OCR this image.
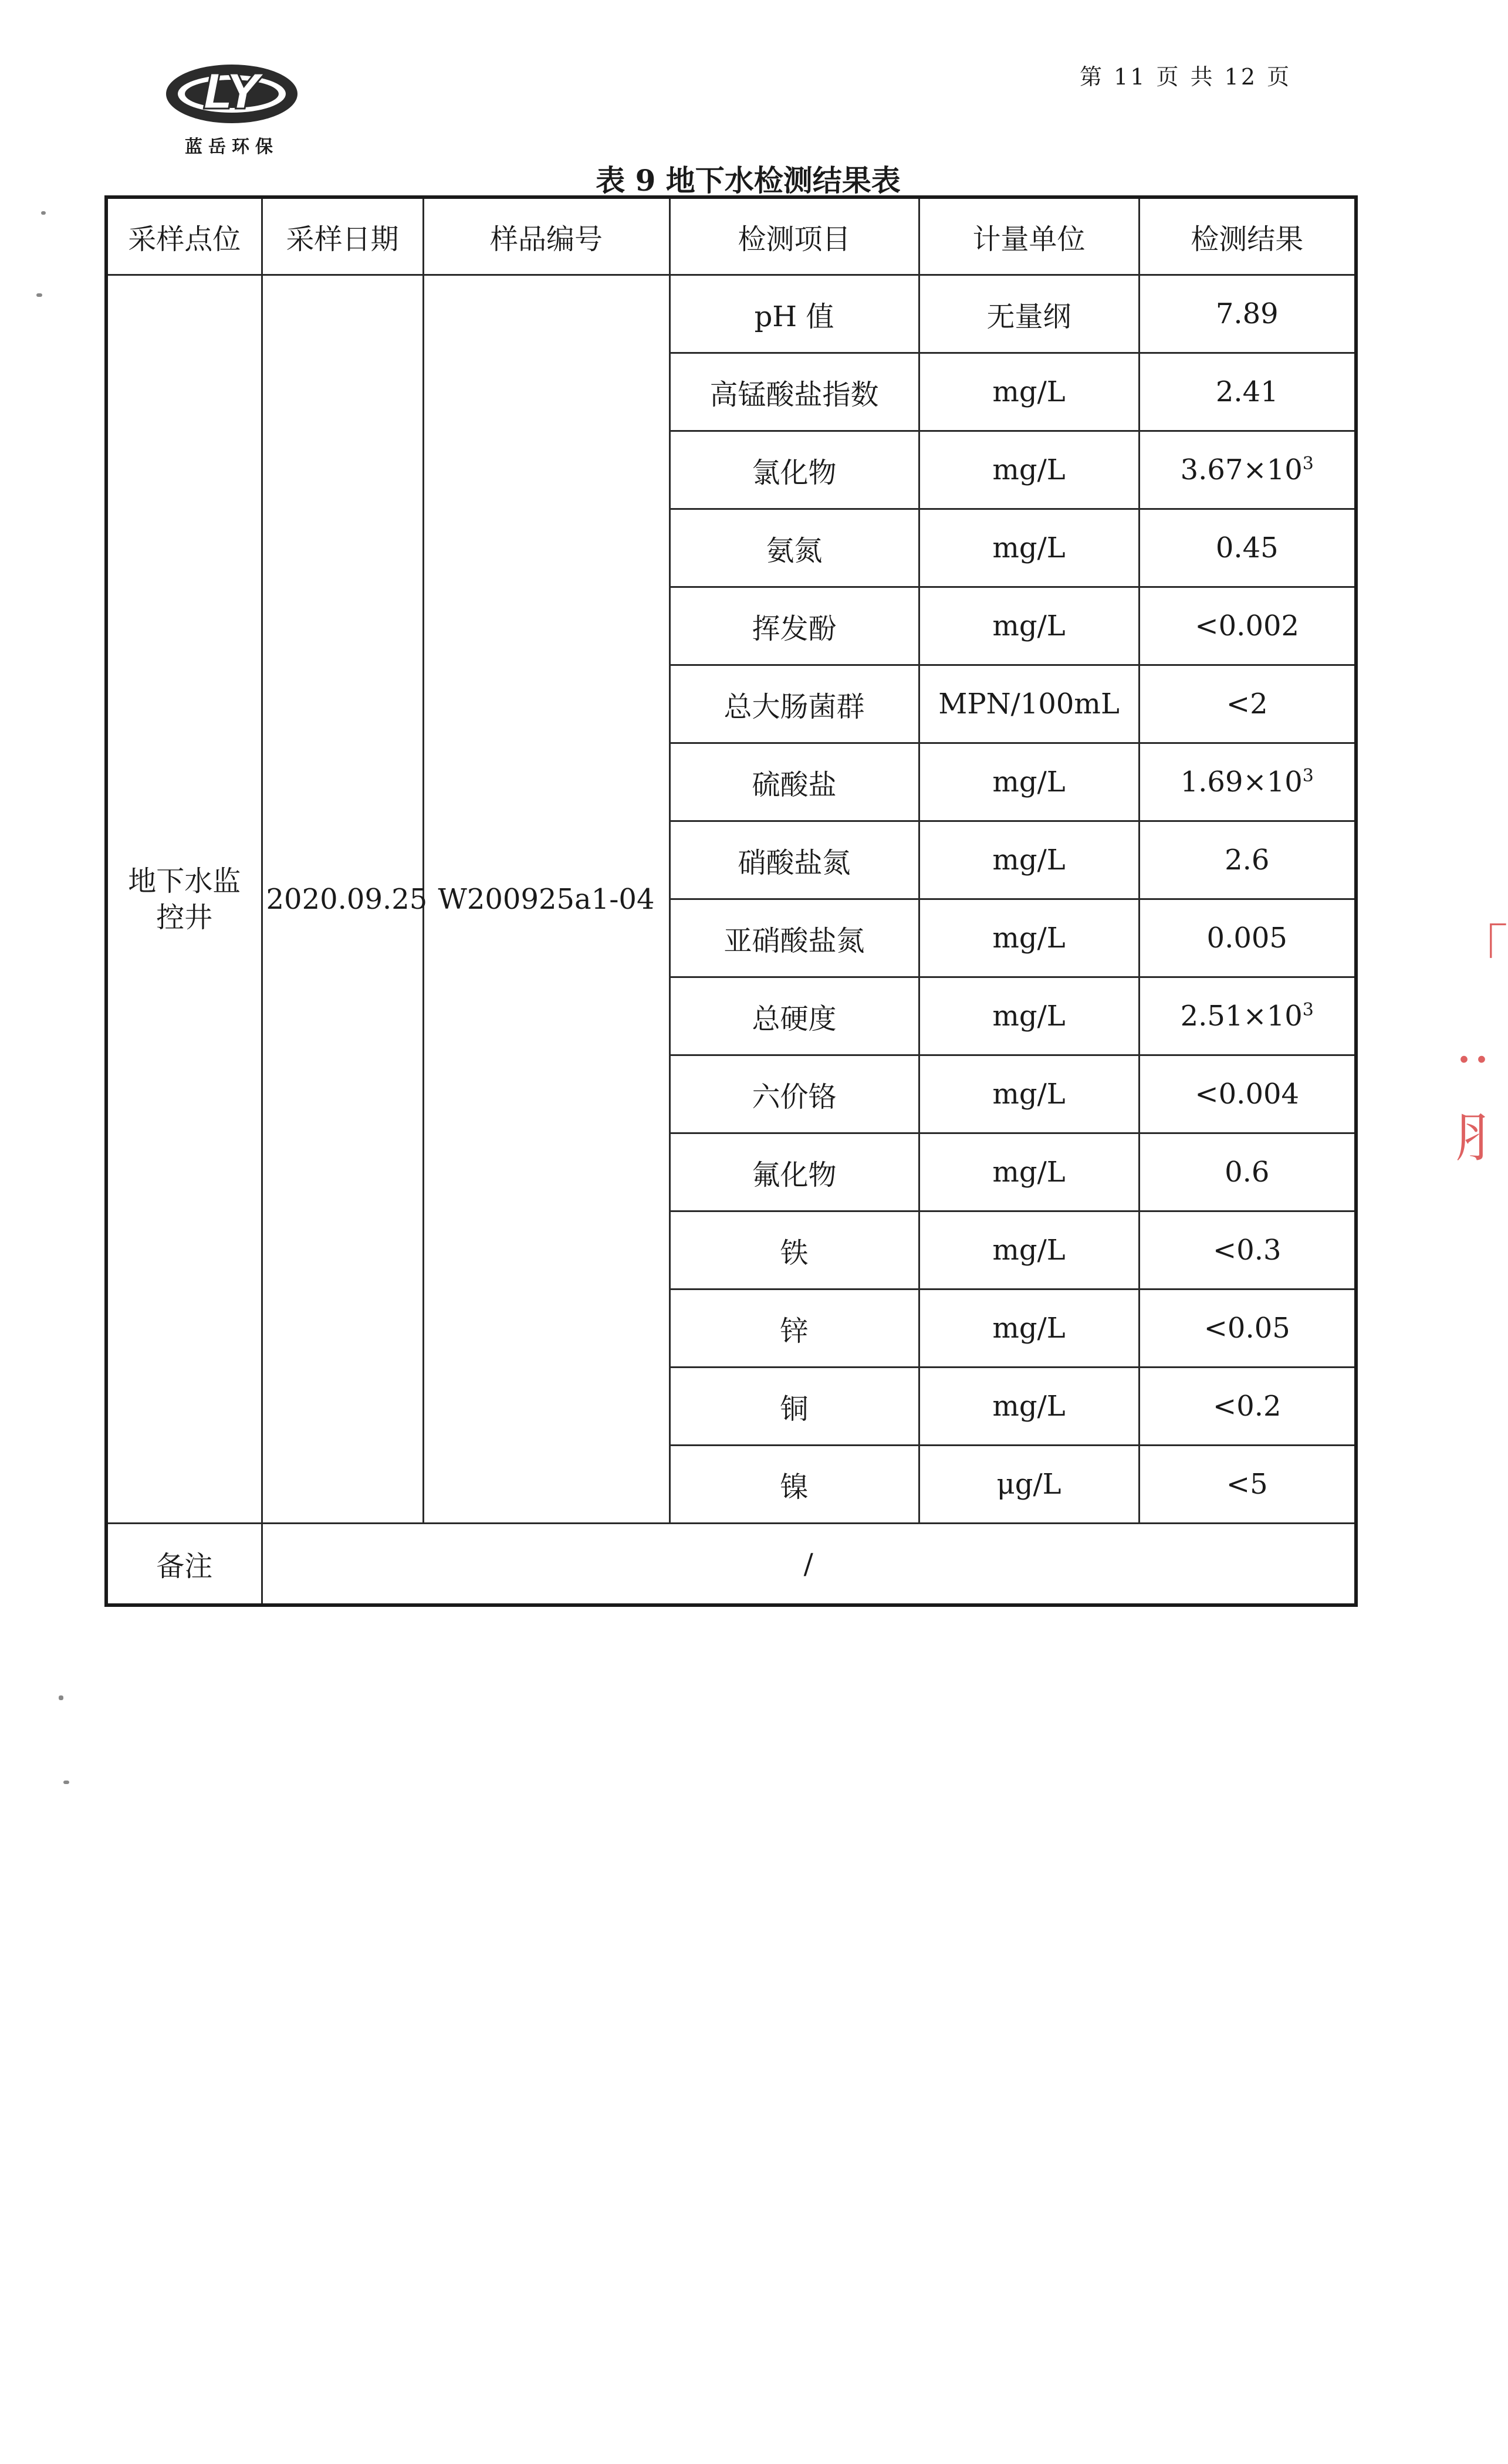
第 11 页 共 12 页
LY
蓝岳环保
表 9 地下水检测结果表
采样点位	采样日期	样品编号	检测项目	计量单位	检测结果
地下水监控井	2020.09.25	W200925a1-04	pH 值	无量纲	7.89
			高锰酸盐指数	mg/L	2.41
			氯化物	mg/L	$3.67\times 10^3$
			氨氮	mg/L	0.45
			挥发酚	mg/L	<0.002
			总大肠菌群	MPN/100mL	<2
			硫酸盐	mg/L	$1.69\times 10^3$
			硝酸盐氮	mg/L	2.6
			亚硝酸盐氮	mg/L	0.005
			总硬度	mg/L	$2.51\times 10^3$
			六价铬	mg/L	<0.004
			氟化物	mg/L	0.6
			铁	mg/L	<0.3
			锌	mg/L	<0.05
			铜	mg/L	<0.2
			镍	μg/L	<5
备注	/				
「
‥
⺼
